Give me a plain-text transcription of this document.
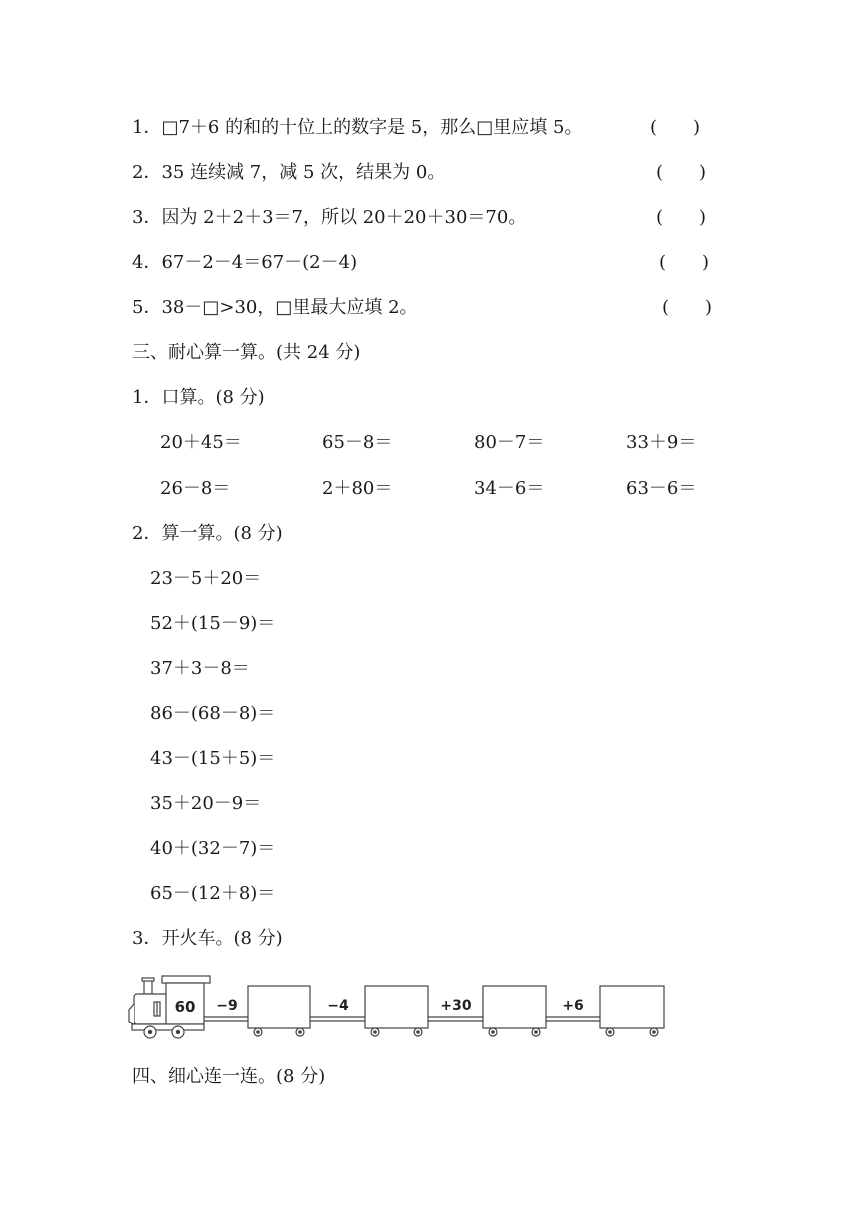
1．□7＋6 的和的十位上的数字是 5，那么□里应填 5。	(　　)
2．35 连续减 7，减 5 次，结果为 0。	(　　)
3．因为 2＋2＋3＝7，所以 20＋20＋30＝70。	(　　)
4．67－2－4＝67－(2－4)	(　　)
5．38－□>30，□里最大应填 2。	(　　)
三、耐心算一算。(共 24 分)
1．口算。(8 分)
20＋45＝	65－8＝	80－7＝	33＋9＝
26－8＝	2＋80＝	34－6＝	63－6＝
2．算一算。(8 分)
23－5＋20＝
52＋(15－9)＝
37＋3－8＝
86－(68－8)＝
43－(15＋5)＝
35＋20－9＝
40＋(32－7)＝
65－(12＋8)＝
3．开火车。(8 分)
60 −9	−4	+30	+6
四、细心连一连。(8 分)
